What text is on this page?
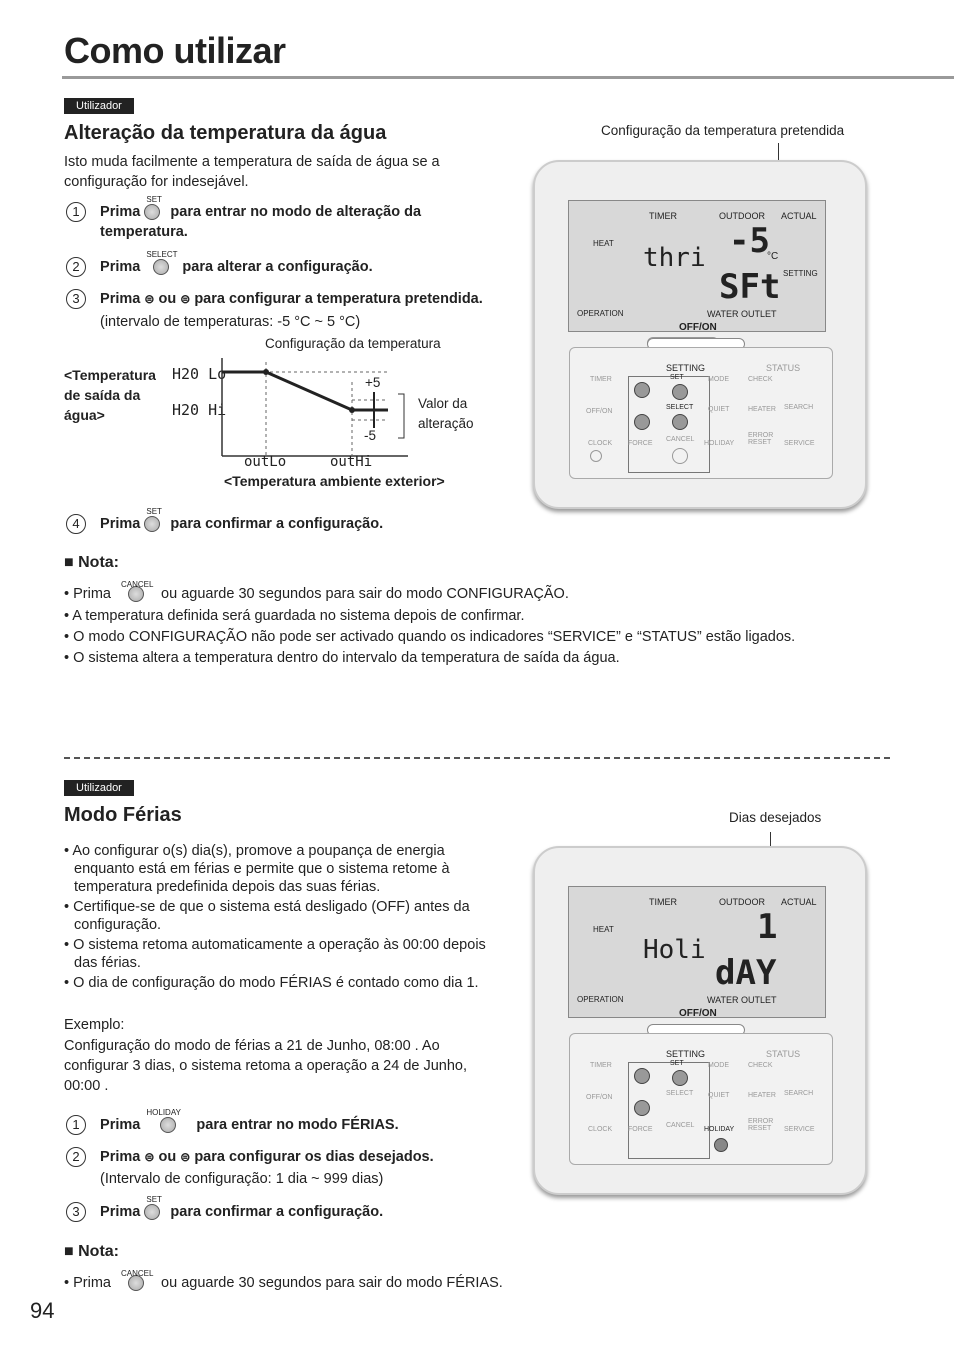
Como utilizar
Utilizador
Alteração da temperatura da água
Isto muda facilmente a temperatura de saída de água se a configuração for indesejável.
1 Prima
SET
para entrar no modo de alteração da
temperatura.
2 Prima
SELECT
para alterar a configuração.
3 Prima ⊜ ou ⊜ para configurar a temperatura pretendida.
(intervalo de temperaturas: -5 °C ~ 5 °C)
Configuração da temperatura
<Temperatura
de saída da
água>
H20 Lo
H20 Hi
+5
-5
Valor da
alteração
outLo	outHi
<Temperatura ambiente exterior>
4 Prima
SET
para confirmar a configuração.
Configuração da temperatura pretendida
TIMER	OUTDOOR ACTUAL
HEAT thri -5
°C
SETTING
SFt
OPERATION	WATER OUTLET
OFF/ON
SETTING	STATUS
SET
SELECT
CANCEL
TIMER
OFF/ON
CLOCK FORCE
MODE	CHECK
QUIET	HEATER SEARCH
HOLIDAY
ERROR RESET SERVICE
■ Nota:
• Prima
CANCEL
ou aguarde 30 segundos para sair do modo CONFIGURAÇÃO.
• A temperatura definida será guardada no sistema depois de confirmar.
• O modo CONFIGURAÇÃO não pode ser activado quando os indicadores “SERVICE” e “STATUS” estão ligados.
• O sistema altera a temperatura dentro do intervalo da temperatura de saída da água.
Utilizador
Modo Férias
• Ao configurar o(s) dia(s), promove a poupança de energia enquanto está em férias e permite que o sistema retome à temperatura predefinida depois das suas férias.
• Certifique-se de que o sistema está desligado (OFF) antes da configuração.
• O sistema retoma automaticamente a operação às 00:00 depois das férias.
• O dia de configuração do modo FÉRIAS é contado como dia 1.
Exemplo:
Configuração do modo de férias a 21 de Junho, 08:00 . Ao configurar 3 dias, o sistema retoma a operação a 24 de Junho, 00:00 .
1 Prima
HOLIDAY
para entrar no modo FÉRIAS.
2 Prima ⊜ ou ⊜ para configurar os dias desejados.
(Intervalo de configuração: 1 dia ~ 999 dias)
3 Prima
SET
para confirmar a configuração.
Dias desejados
TIMER	OUTDOOR ACTUAL
HEAT
Holi
1
dAY
OPERATION	WATER OUTLET
OFF/ON
SETTING	STATUS
SET
SELECT
CANCEL
TIMER
OFF/ON
CLOCK FORCE
MODE	CHECK
QUIET	HEATER SEARCH
HOLIDAY
ERROR RESET SERVICE
■ Nota:
• Prima
CANCEL
ou aguarde 30 segundos para sair do modo FÉRIAS.
94
